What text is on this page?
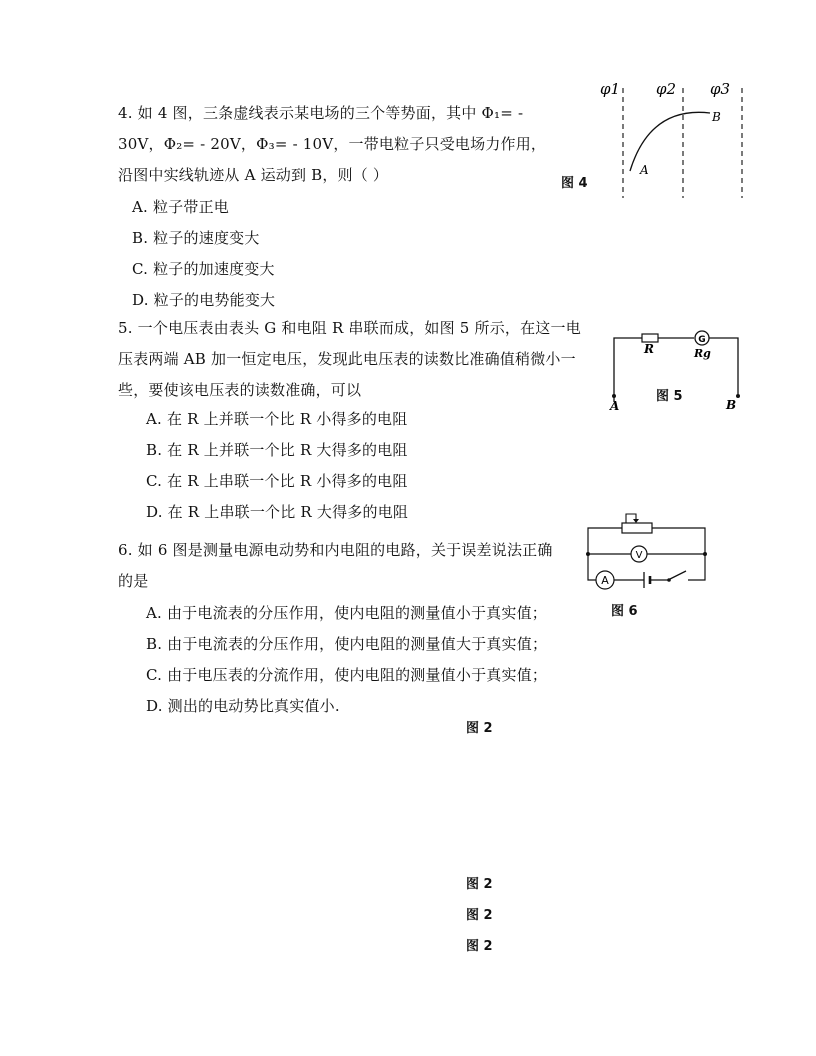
4. 如 4 图，三条虚线表示某电场的三个等势面，其中 Φ₁= -
30V，Φ₂= - 20V，Φ₃= - 10V，一带电粒子只受电场力作用，
沿图中实线轨迹从 A 运动到 B，则（ ）
A. 粒子带正电
B. 粒子的速度变大
C. 粒子的加速度变大
D. 粒子的电势能变大
φ1 φ2 φ3
A
B
图 4
5. 一个电压表由表头 G 和电阻 R 串联而成，如图 5 所示，在这一电
压表两端 AB 加一恒定电压，发现此电压表的读数比准确值稍微小一
些，要使该电压表的读数准确，可以
A. 在 R 上并联一个比 R 小得多的电阻
B. 在 R 上并联一个比 R 大得多的电阻
C. 在 R 上串联一个比 R 小得多的电阻
D. 在 R 上串联一个比 R 大得多的电阻
G
R	Rg
A	B
图 5
6. 如 6 图是测量电源电动势和内电阻的电路，关于误差说法正确
的是
A. 由于电流表的分压作用，使内电阻的测量值小于真实值；
B. 由于电流表的分压作用，使内电阻的测量值大于真实值；
C. 由于电压表的分流作用，使内电阻的测量值小于真实值；
D. 测出的电动势比真实值小.
V
A
图 6
图 2
图 2
图 2
图 2
